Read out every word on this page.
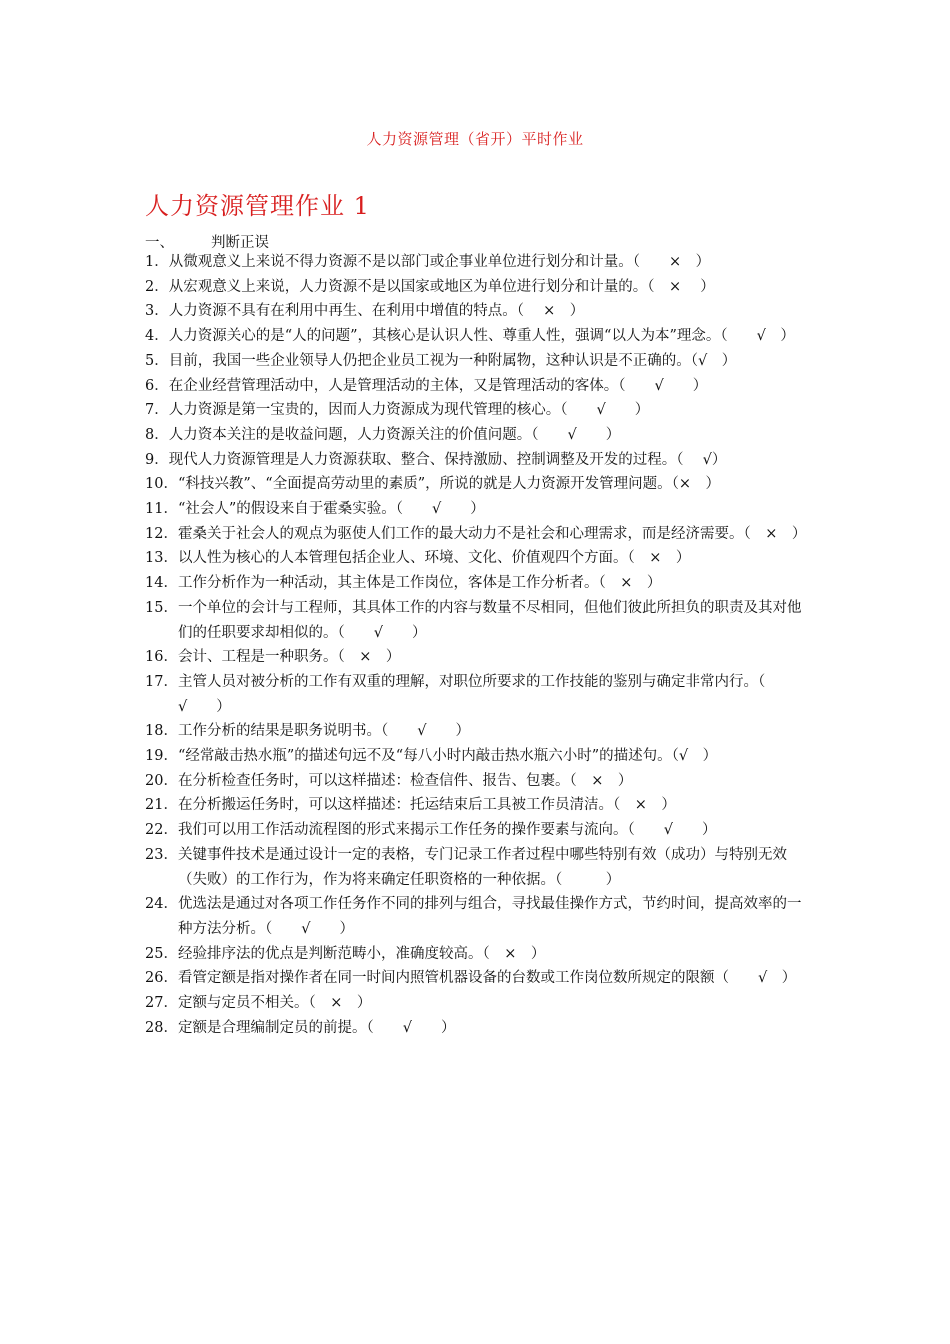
人力资源管理（省开）平时作业
人力资源管理作业 1
一、	判断正误
1．从微观意义上来说不得力资源不是以部门或企事业单位进行划分和计量。（　　×　）
2．从宏观意义上来说，人力资源不是以国家或地区为单位进行划分和计量的。（　×　 ）
3．人力资源不具有在利用中再生、在利用中增值的特点。（　 ×　）
4．人力资源关心的是“人的问题”，其核心是认识人性、尊重人性，强调“以人为本”理念。（　　√　）
5．目前，我国一些企业领导人仍把企业员工视为一种附属物，这种认识是不正确的。（√　）
6．在企业经营管理活动中，人是管理活动的主体，又是管理活动的客体。（　　√　　）
7．人力资源是第一宝贵的，因而人力资源成为现代管理的核心。（　　√　　）
8．人力资本关注的是收益问题，人力资源关注的价值问题。（　　√　　）
9．现代人力资源管理是人力资源获取、整合、保持激励、控制调整及开发的过程。（　 √）
10．“科技兴教”、“全面提高劳动里的素质”，所说的就是人力资源开发管理问题。（×　）
11．“社会人”的假设来自于霍桑实验。（　　√　　）
12．霍桑关于社会人的观点为驱使人们工作的最大动力不是社会和心理需求，而是经济需要。（　×　）
13． 以人性为核心的人本管理包括企业人、环境、文化、价值观四个方面。（　×　）
14． 工作分析作为一种活动，其主体是工作岗位，客体是工作分析者。（　×　）
15． 一个单位的会计与工程师，其具体工作的内容与数量不尽相同，但他们彼此所担负的职责及其对他们的任职要求却相似的。（　　√　　）
16． 会计、工程是一种职务。（　×　）
17． 主管人员对被分析的工作有双重的理解，对职位所要求的工作技能的鉴别与确定非常内行。（　　√　　）
18． 工作分析的结果是职务说明书。（　　√　　）
19． “经常敲击热水瓶”的描述句远不及“每八小时内敲击热水瓶六小时”的描述句。（√　）
20． 在分析检查任务时，可以这样描述：检查信件、报告、包裹。（　×　）
21． 在分析搬运任务时，可以这样描述：托运结束后工具被工作员清洁。（　×　）
22． 我们可以用工作活动流程图的形式来揭示工作任务的操作要素与流向。（　　√　　）
23． 关键事件技术是通过设计一定的表格，专门记录工作者过程中哪些特别有效（成功）与特别无效（失败）的工作行为，作为将来确定任职资格的一种依据。（　　　）
24． 优选法是通过对各项工作任务作不同的排列与组合，寻找最佳操作方式，节约时间，提高效率的一种方法分析。（　　√　　）
25． 经验排序法的优点是判断范畴小，准确度较高。（　×　）
26． 看管定额是指对操作者在同一时间内照管机器设备的台数或工作岗位数所规定的限额（　　√　）
27． 定额与定员不相关。（　×　）
28． 定额是合理编制定员的前提。（　　√　　）
